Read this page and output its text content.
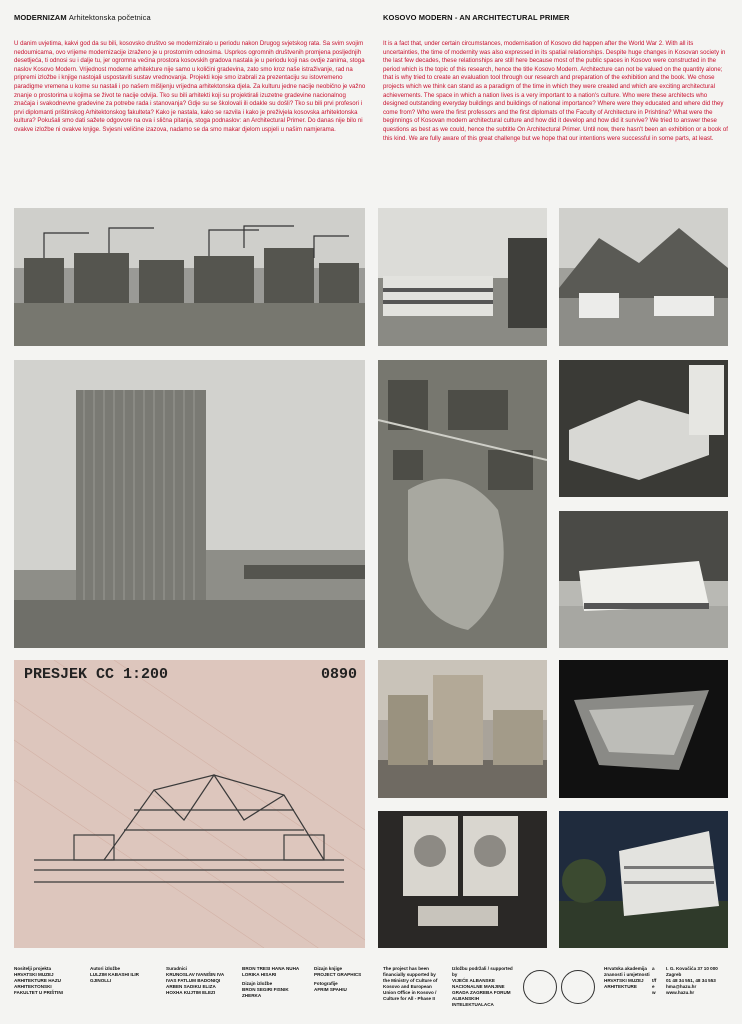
MODERNIZAM Arhitektonska početnica	KOSOVO MODERN - AN ARCHITECTURAL PRIMER
U danim uvjetima, kakvi god da su bili, kosovsko društvo se moderniziralo u periodu nakon Drugog svjetskog rata. Sa svim svojim nedoumicama, ovo vrijeme modernizacije izraženo je u prostornim odnosima. Usprkos ogromnih društvenih promjena posljednjih desetljeća, ti odnosi su i dalje tu, jer ogromna većina prostora kosovskih gradova nastala je u periodu koji nas ovdje zanima, stoga naslov Kosovo Modern. Vrijednost moderne arhitekture nije samo u količini gradevina, zato smo kroz naše istraživanje, rad na pripremi izložbe i knjige nastojali uspostaviti sustav vrednovanja. Projekti koje smo izabrali za prezentaciju su istovremeno paradigme vremena u kome su nastali i po našem mišljenju vrijedna arhitektonska djela. Za kulturu jedne nacije neobično je važno znanje o prostorima u kojima se život te nacije odvija. Tko su bili arhitekti koji su projektirali izuzetne gradevine nacionalnog značaja i svakodnevne gradevine za potrebe rada i stanovanja? Gdje su se školovali ili odakle su došli? Tko su bili prvi profesori i prvi diplomanti prištinskog Arhitektonskog fakulteta? Kako je nastala, kako se razvila i kako je preživjela kosovska arhitektonska kultura? Pokušali smo dati sažete odgovore na ova i slična pitanja, stoga podnaslov: an Architectural Primer. Do danas nije bilo ni ovakve izložbe ni ovakve knjige. Svjesni veličine izazova, nadamo se da smo makar djelom uspjeli u našim namjerama.
It is a fact that, under certain circumstances, modernisation of Kosovo did happen after the World War 2. With all its uncertainties, the time of modernity was also expressed in its spatial relationships. Despite huge changes in Kosovan society in the last few decades, these relationships are still here because most of the public spaces in Kosovo were constructed in the period which is the topic of this research, hence the title Kosovo Modern. Architecture can not be valued on the quantity alone; that is why tried to create an evaluation tool through our research and preparation of the exhibition and the book. We chose projects which we think can stand as a paradigm of the time in which they were created and which are exciting architectural achievements. The space in which a nation lives is a very important to a nation's culture. Who were these architects who designed outstanding everyday buildings and buildings of national importance? Where were they educated and where did they come from? Who were the first professors and the first diplomats of the Faculty of Architecture in Prishtina? What were the beginnings of Kosovan modern architectural culture and how did it develop and how did it survive? We tried to answer these questions as best as we could, hence the subtitle On Architectural Primer. Until now, there hasn't been an exhibition or a book of this kind. We are fully aware of this great challenge but we hope that our intentions were successful in some parts, at least.
PRESJEK CC 1:200	0890
Nositelji projekta
HRVATSKI MUZEJ ARHITEKTURE HAZU ARHITEKTONSKI FAKULTET U PRIŠTINI
Autori izložbe
LULZIM KABASHI ILIR GJINOLLI
Suradnici
KRUNOSLAV IVANIŠIN IVA IVAS FATLUM BADONIQI ARBEN SADIKU ELIZA HOXHA KUJTIM ELEZI
BRON TRESI HANA NUHA LORIKA HISARI
Dizajn izložbe
BRON SEGIRI FISNIK ZHERKA
Dizajn knjige
PROJECT GRAPHICS
Fotografije
AFRIM SPAHIU
The project has been financially supported by the Ministry of Culture of Kosovo and European Union Office in Kosovo / Culture for All - Phase II
Izložbu podržali / supported by
VIJEĆE ALBANSKE NACIONALNE MANJINE GRADA ZAGREBA FORUM ALBANSKIH INTELEKTUALACA
Hrvatska akademija znanosti i umjetnosti
HRVATSKI MUZEJ ARHITEKTURE
a
t/f
e
w
I. G. Kovačića 37 10 000 Zagreb
01 48 34 551, 48 34 553
hma@hazu.hr
www.hazu.hr
